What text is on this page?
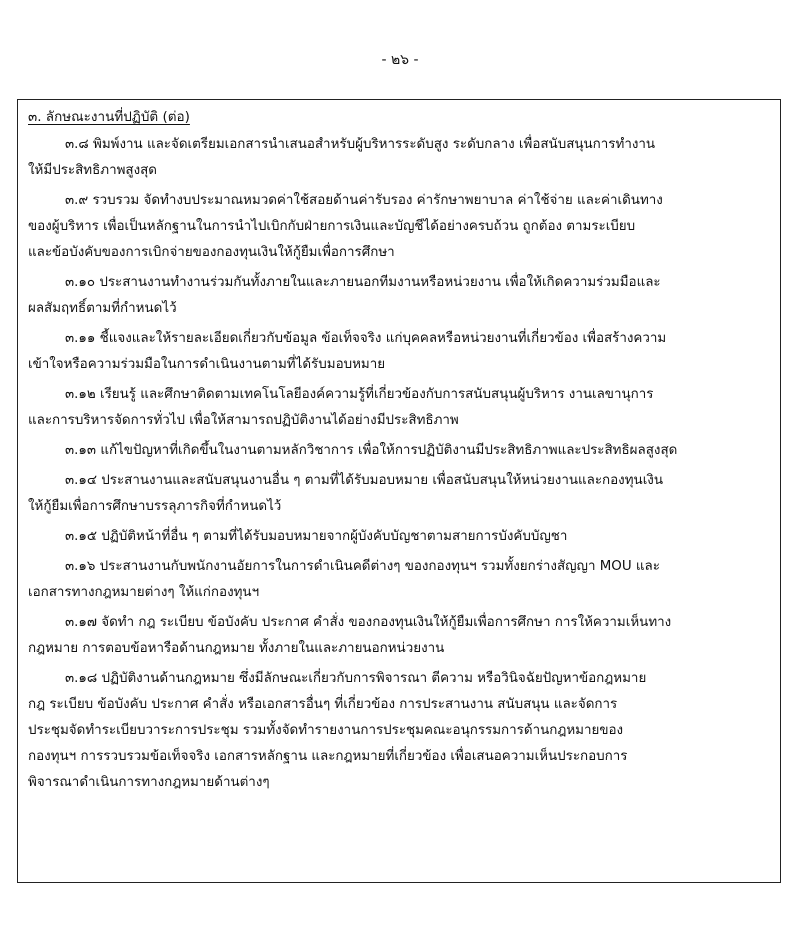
- ๒๖ -
๓. ลักษณะงานที่ปฏิบัติ (ต่อ)
๓.๘ พิมพ์งาน และจัดเตรียมเอกสารนำเสนอสำหรับผู้บริหารระดับสูง ระดับกลาง เพื่อสนับสนุนการทำงาน
ให้มีประสิทธิภาพสูงสุด
๓.๙ รวบรวม จัดทำงบประมาณหมวดค่าใช้สอยด้านค่ารับรอง ค่ารักษาพยาบาล ค่าใช้จ่าย และค่าเดินทาง
ของผู้บริหาร เพื่อเป็นหลักฐานในการนำไปเบิกกับฝ่ายการเงินและบัญชีได้อย่างครบถ้วน ถูกต้อง ตามระเบียบ
และข้อบังคับของการเบิกจ่ายของกองทุนเงินให้กู้ยืมเพื่อการศึกษา
๓.๑๐ ประสานงานทำงานร่วมกันทั้งภายในและภายนอกทีมงานหรือหน่วยงาน เพื่อให้เกิดความร่วมมือและ
ผลสัมฤทธิ์ตามที่กำหนดไว้
๓.๑๑ ชี้แจงและให้รายละเอียดเกี่ยวกับข้อมูล ข้อเท็จจริง แก่บุคคลหรือหน่วยงานที่เกี่ยวข้อง เพื่อสร้างความ
เข้าใจหรือความร่วมมือในการดำเนินงานตามที่ได้รับมอบหมาย
๓.๑๒ เรียนรู้ และศึกษาติดตามเทคโนโลยีองค์ความรู้ที่เกี่ยวข้องกับการสนับสนุนผู้บริหาร งานเลขานุการ
และการบริหารจัดการทั่วไป เพื่อให้สามารถปฏิบัติงานได้อย่างมีประสิทธิภาพ
๓.๑๓ แก้ไขปัญหาที่เกิดขึ้นในงานตามหลักวิชาการ เพื่อให้การปฏิบัติงานมีประสิทธิภาพและประสิทธิผลสูงสุด
๓.๑๔ ประสานงานและสนับสนุนงานอื่น ๆ ตามที่ได้รับมอบหมาย เพื่อสนับสนุนให้หน่วยงานและกองทุนเงิน
ให้กู้ยืมเพื่อการศึกษาบรรลุภารกิจที่กำหนดไว้
๓.๑๕ ปฏิบัติหน้าที่อื่น ๆ ตามที่ได้รับมอบหมายจากผู้บังคับบัญชาตามสายการบังคับบัญชา
๓.๑๖ ประสานงานกับพนักงานอัยการในการดำเนินคดีต่างๆ ของกองทุนฯ รวมทั้งยกร่างสัญญา MOU และ
เอกสารทางกฎหมายต่างๆ ให้แก่กองทุนฯ
๓.๑๗ จัดทำ กฎ ระเบียบ ข้อบังคับ ประกาศ คำสั่ง ของกองทุนเงินให้กู้ยืมเพื่อการศึกษา การให้ความเห็นทาง
กฎหมาย การตอบข้อหารือด้านกฎหมาย ทั้งภายในและภายนอกหน่วยงาน
๓.๑๘ ปฏิบัติงานด้านกฎหมาย ซึ่งมีลักษณะเกี่ยวกับการพิจารณา ตีความ หรือวินิจฉัยปัญหาข้อกฎหมาย
กฎ ระเบียบ ข้อบังคับ ประกาศ คำสั่ง หรือเอกสารอื่นๆ ที่เกี่ยวข้อง การประสานงาน สนับสนุน และจัดการ
ประชุมจัดทำระเบียบวาระการประชุม รวมทั้งจัดทำรายงานการประชุมคณะอนุกรรมการด้านกฎหมายของ
กองทุนฯ การรวบรวมข้อเท็จจริง เอกสารหลักฐาน และกฎหมายที่เกี่ยวข้อง เพื่อเสนอความเห็นประกอบการ
พิจารณาดำเนินการทางกฎหมายด้านต่างๆ
